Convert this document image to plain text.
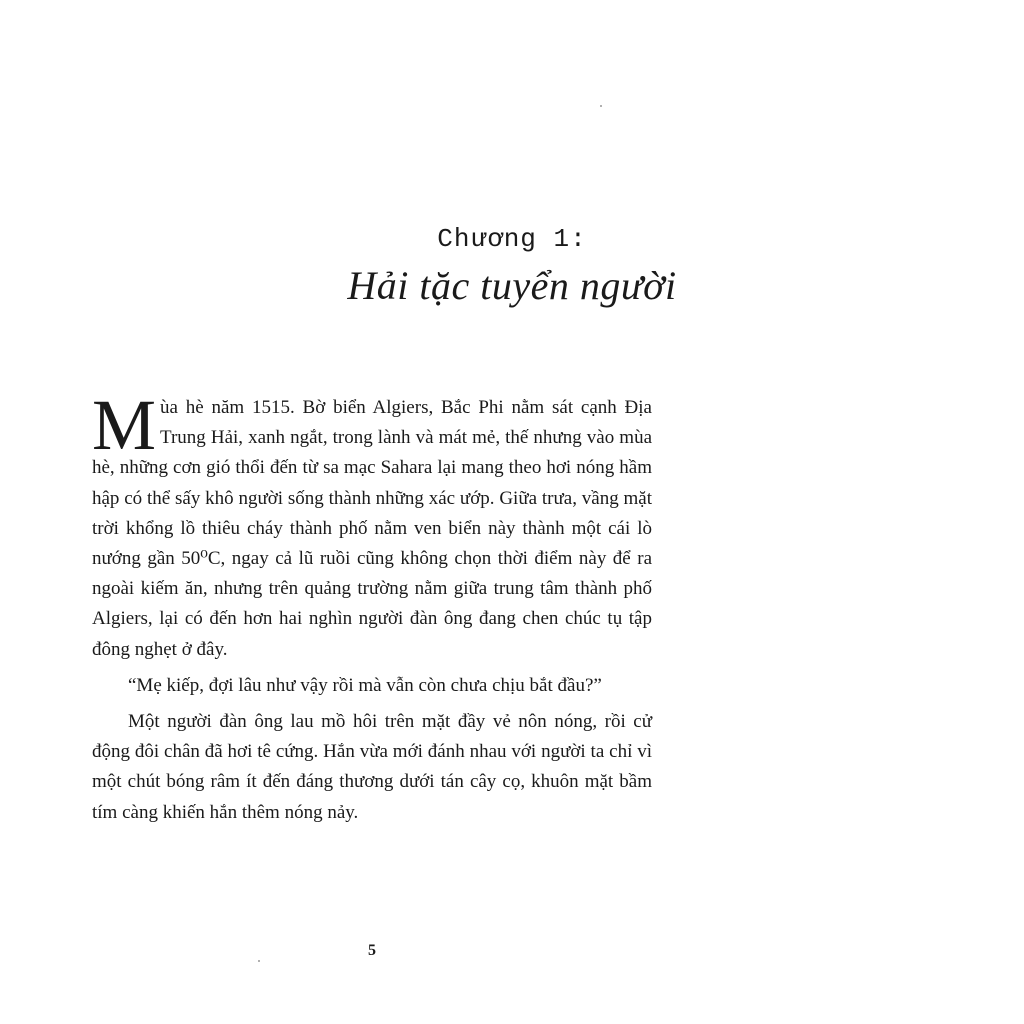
Chương 1:
Hải tặc tuyển người

Mùa hè năm 1515. Bờ biển Algiers, Bắc Phi nằm sát cạnh Địa Trung Hải, xanh ngắt, trong lành và mát mẻ, thế nhưng vào mùa hè, những cơn gió thổi đến từ sa mạc Sahara lại mang theo hơi nóng hầm hập có thể sấy khô người sống thành những xác ướp. Giữa trưa, vầng mặt trời khổng lồ thiêu cháy thành phố nằm ven biển này thành một cái lò nướng gần 50⁰C, ngay cả lũ ruồi cũng không chọn thời điểm này để ra ngoài kiếm ăn, nhưng trên quảng trường nằm giữa trung tâm thành phố Algiers, lại có đến hơn hai nghìn người đàn ông đang chen chúc tụ tập đông nghẹt ở đây.

“Mẹ kiếp, đợi lâu như vậy rồi mà vẫn còn chưa chịu bắt đầu?”

Một người đàn ông lau mồ hôi trên mặt đầy vẻ nôn nóng, rồi cử động đôi chân đã hơi tê cứng. Hắn vừa mới đánh nhau với người ta chỉ vì một chút bóng râm ít đến đáng thương dưới tán cây cọ, khuôn mặt bầm tím càng khiến hắn thêm nóng nảy.

5
